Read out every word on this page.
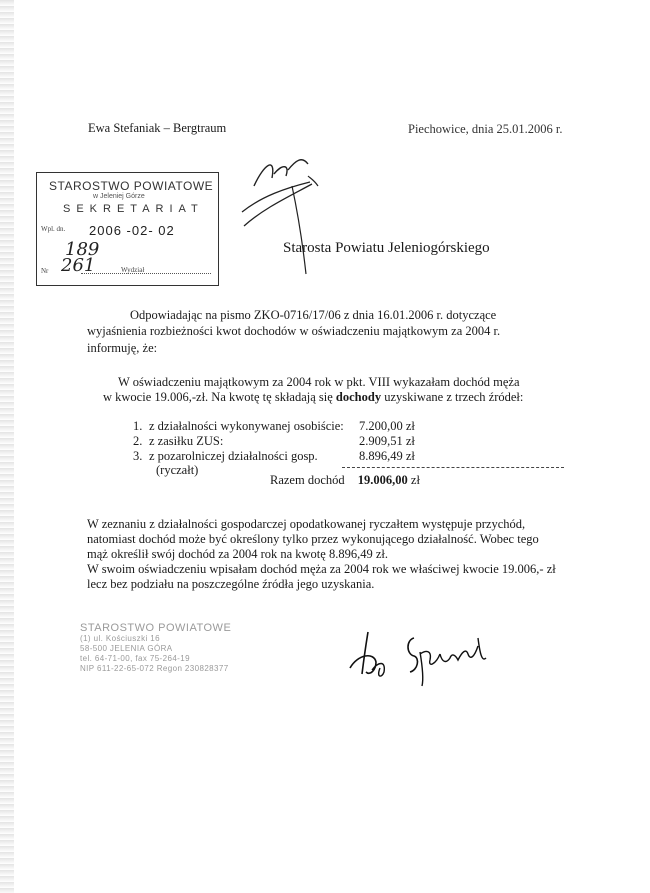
Ewa Stefaniak – Bergtraum	Piechowice, dnia 25.01.2006 r.
STAROSTWO POWIATOWE
w Jeleniej Górze
SEKRETARIAT
Wpl. dn. 2006 -02- 02
189
Nr 261	Wydział
Starosta Powiatu Jeleniogórskiego
Odpowiadając na pismo ZKO-0716/17/06 z dnia 16.01.2006 r. dotyczące
wyjaśnienia rozbieżności kwot dochodów w oświadczeniu majątkowym za 2004 r.
informuję, że:
W oświadczeniu majątkowym za 2004 rok w pkt. VIII wykazałam dochód męża
w kwocie 19.006,-zł. Na kwotę tę składają się dochody uzyskiwane z trzech źródeł:
1. z działalności wykonywanej osobiście: 7.200,00 zł
2. z zasiłku ZUS:	2.909,51 zł
3. z pozarolniczej działalności gosp.	8.896,49 zł
(ryczałt)
Razem dochód 19.006,00 zł
W zeznaniu z działalności gospodarczej opodatkowanej ryczałtem występuje przychód,
natomiast dochód może być określony tylko przez wykonującego działalność. Wobec tego
mąż określił swój dochód za 2004 rok na kwotę 8.896,49 zł.
W swoim oświadczeniu wpisałam dochód męża za 2004 rok we właściwej kwocie 19.006,- zł
lecz bez podziału na poszczególne źródła jego uzyskania.
STAROSTWO POWIATOWE
(1) ul. Kościuszki 16
58-500 JELENIA GÓRA
tel. 64-71-00, fax 75-264-19
NIP 611-22-65-072 Regon 230828377
